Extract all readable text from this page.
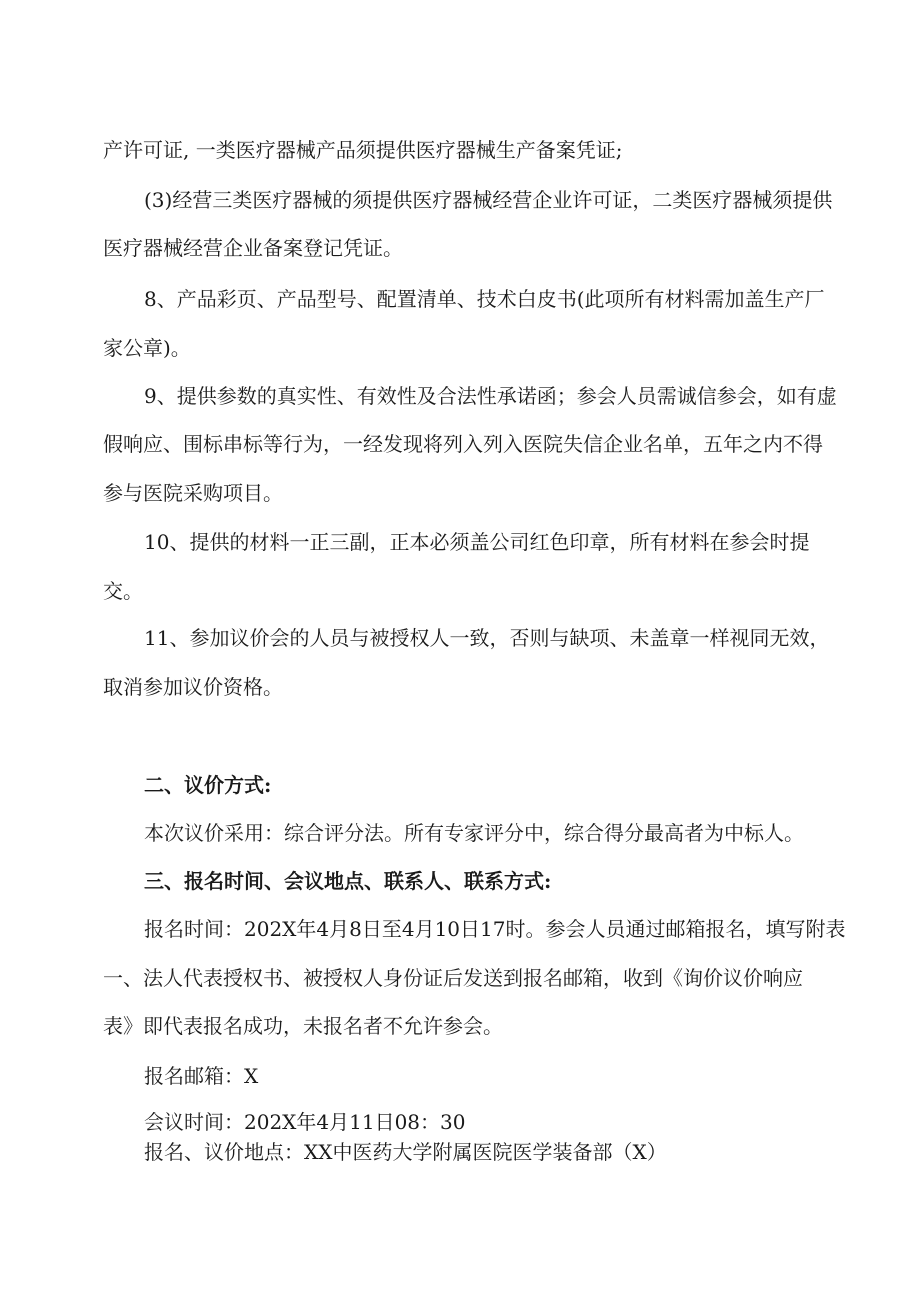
产许可证, 一类医疗器械产品须提供医疗器械生产备案凭证;

(3)经营三类医疗器械的须提供医疗器械经营企业许可证，二类医疗器械须提供

医疗器械经营企业备案登记凭证。

8、产品彩页、产品型号、配置清单、技术白皮书(此项所有材料需加盖生产厂

家公章)。

9、提供参数的真实性、有效性及合法性承诺函；参会人员需诚信参会，如有虚

假响应、围标串标等行为，一经发现将列入列入医院失信企业名单，五年之内不得

参与医院采购项目。

10、提供的材料一正三副，正本必须盖公司红色印章，所有材料在参会时提

交。

11、参加议价会的人员与被授权人一致，否则与缺项、未盖章一样视同无效，

取消参加议价资格。

二、议价方式:

本次议价采用：综合评分法。所有专家评分中，综合得分最高者为中标人。

三、报名时间、会议地点、联系人、联系方式:

报名时间：202X年4月8日至4月10日17时。参会人员通过邮箱报名，填写附表

一、法人代表授权书、被授权人身份证后发送到报名邮箱，收到《询价议价响应

表》即代表报名成功，未报名者不允许参会。

报名邮箱：X

会议时间：202X年4月11日08：30

报名、议价地点：XX中医药大学附属医院医学装备部（X）
